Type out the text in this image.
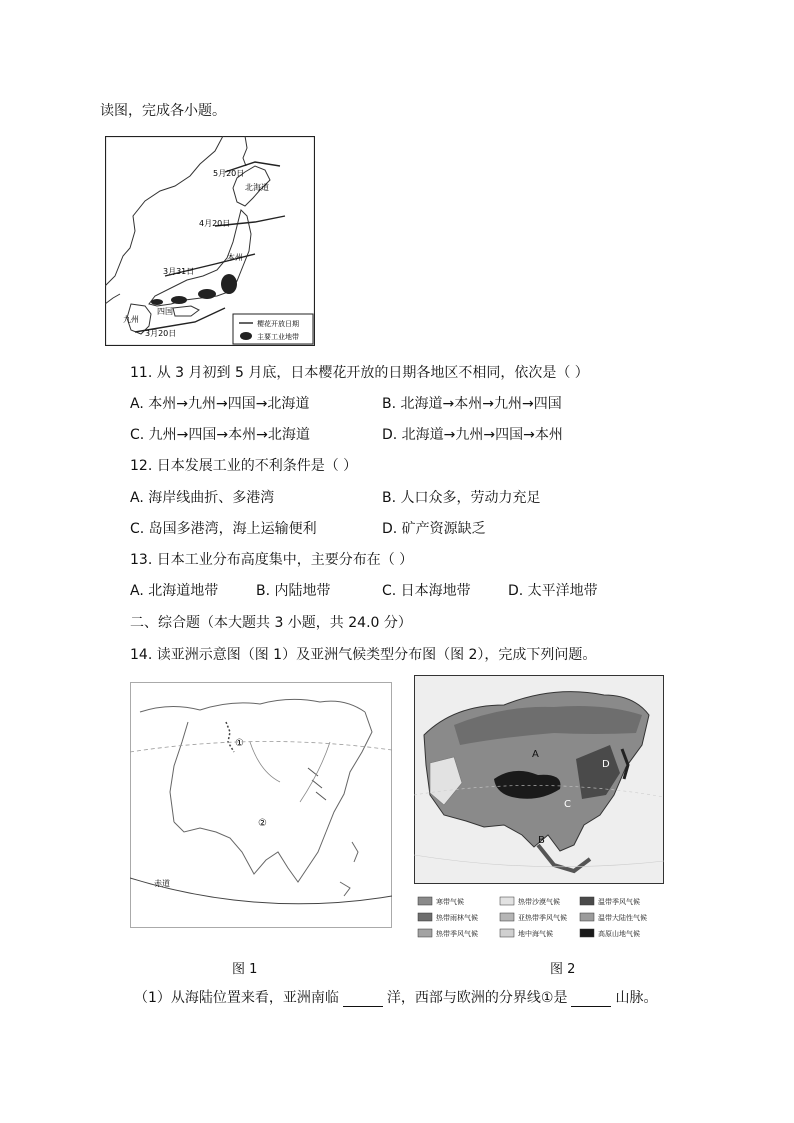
读图，完成各小题。
5月20日
北海道
4月20日
本州
3月31日
四国
九州
3月20日
樱花开放日期
主要工业地带
11. 从 3 月初到 5 月底，日本樱花开放的日期各地区不相同，依次是（ ）
A. 本州→九州→四国→北海道	B. 北海道→本州→九州→四国
C. 九州→四国→本州→北海道	D. 北海道→九州→四国→本州
12. 日本发展工业的不利条件是（ ）
A. 海岸线曲折、多港湾	B. 人口众多，劳动力充足
C. 岛国多港湾，海上运输便利	D. 矿产资源缺乏
13. 日本工业分布高度集中，主要分布在（ ）
A. 北海道地带	B. 内陆地带	C. 日本海地带	D. 太平洋地带
二、综合题（本大题共 3 小题，共 24.0 分）
14. 读亚洲示意图（图 1）及亚洲气候类型分布图（图 2），完成下列问题。
①
②
赤道
A
B
C
D
寒带气候	热带沙漠气候	温带季风气候
热带雨林气候	亚热带季风气候	温带大陆性气候
热带季风气候	地中海气候	高原山地气候
图 1	图 2
（1）从海陆位置来看，亚洲南临	洋，西部与欧洲的分界线①是	山脉。
